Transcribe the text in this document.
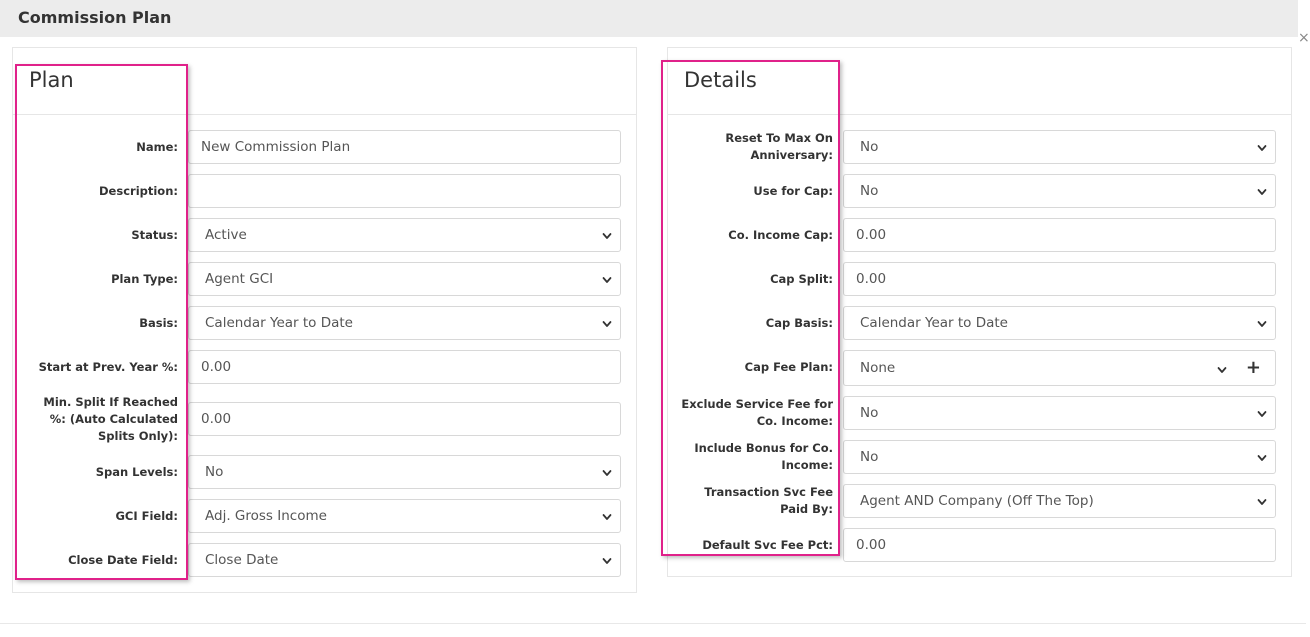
Commission Plan
×
Plan	Details
Name: New Commission Plan
Description:
Status: Active
Plan Type: Agent GCI
Basis: Calendar Year to Date
Start at Prev. Year %: 0.00
Min. Split If Reached %: (Auto Calculated Splits Only):
0.00
Span Levels: No
GCI Field: Adj. Gross Income
Close Date Field: Close Date
Reset To Max On Anniversary: No
Use for Cap: No
Co. Income Cap: 0.00
Cap Split: 0.00
Cap Basis: Calendar Year to Date
Cap Fee Plan: None	+
Exclude Service Fee for Co. Income: No
Include Bonus for Co. Income: No
Transaction Svc Fee Paid By: Agent AND Company (Off The Top)
Default Svc Fee Pct: 0.00
